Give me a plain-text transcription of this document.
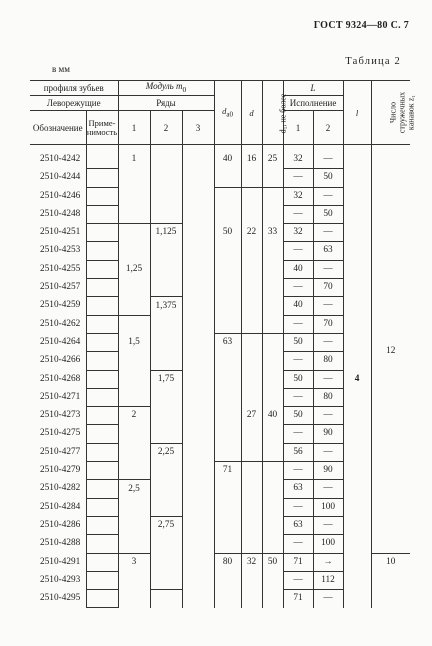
ГОСТ 9324—80 С. 7
Таблица 2
в мм
профиля зубьев		Модуль $m_0$			$d_{a0}$	d	d₁, не более	L		l	Число стружечных канавок z₁
Леворежущие		Ряды						Исполнение			
Обозначение	Приме-
нимость	1	2	3				1	2		

2510-4242		1			40	16	25	32	—	4	12
2510-4244								—	50		
2510-4246								32	—		
2510-4248								—	50		
2510-4251			1,125		50	22	33	32	—		
2510-4253								—	63		
2510-4255		1,25						40	—		
2510-4257								—	70		
2510-4259			1,375					40	—		
2510-4262								—	70		
2510-4264		1,5			63			50	—		
2510-4266								—	80		
2510-4268			1,75					50	—		
2510-4271								—	80		
2510-4273		2				27	40	50	—		
2510-4275								—	90		
2510-4277			2,25					56	—		
2510-4279					71			—	90		
2510-4282		2,5						63	—		
2510-4284								—	100		
2510-4286			2,75					63	—		
2510-4288								—	100		
2510-4291		3			80	32	50	71	→		10
2510-4293								—	112		
2510-4295								71	—		
